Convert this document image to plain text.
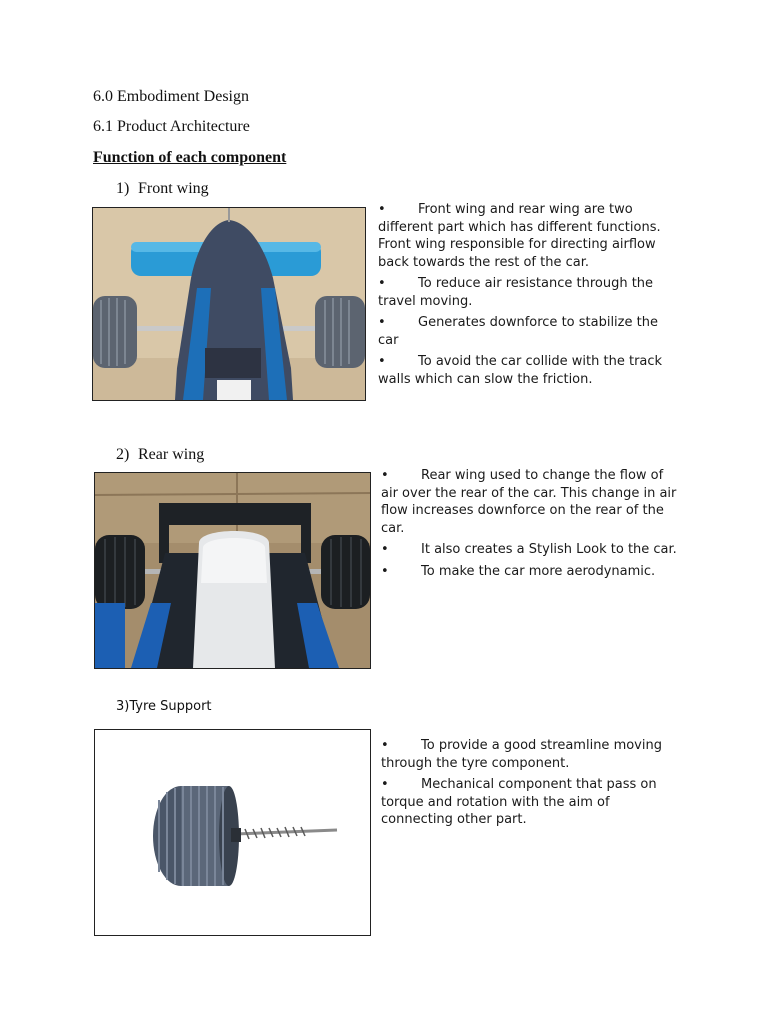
6.0 Embodiment Design
6.1 Product Architecture
Function of each component
1) Front wing
• Front wing and rear wing are two different part which has different functions. Front wing responsible for directing airflow back towards the rest of the car.
• To reduce air resistance through the travel moving.
• Generates downforce to stabilize the car
• To avoid the car collide with the track walls which can slow the friction.
2) Rear wing
• Rear wing used to change the flow of air over the rear of the car. This change in air flow increases downforce on the rear of the car.
• It also creates a Stylish Look to the car.
• To make the car more aerodynamic.
3)Tyre Support
• To provide a good streamline moving through the tyre component.
• Mechanical component that pass on torque and rotation with the aim of connecting other part.
